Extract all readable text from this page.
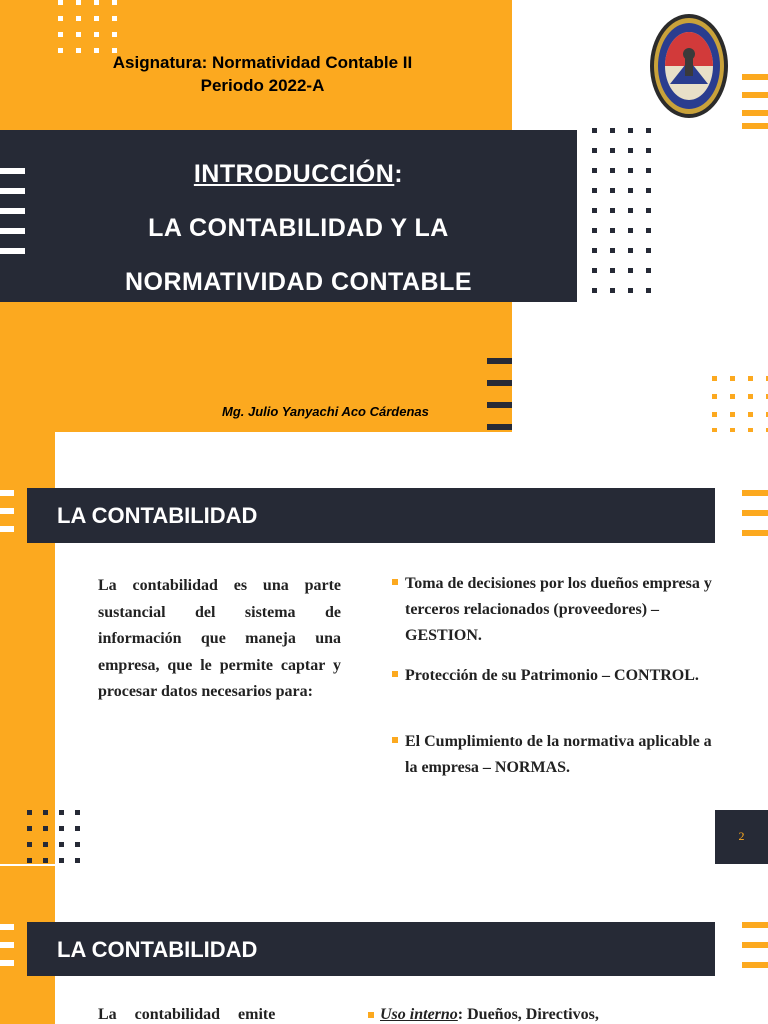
Asignatura: Normatividad Contable II
Periodo 2022-A
INTRODUCCIÓN:
LA CONTABILIDAD Y LA
NORMATIVIDAD CONTABLE
Mg. Julio Yanyachi Aco Cárdenas
LA CONTABILIDAD
La contabilidad es una parte sustancial del sistema de información que maneja una empresa, que le permite captar y procesar datos necesarios para:
Toma de decisiones por los dueños empresa y terceros relacionados (proveedores) – GESTION.
Protección de su Patrimonio – CONTROL.
El Cumplimiento de la normativa aplicable a la empresa – NORMAS.
2
LA CONTABILIDAD
La contabilidad emite	Uso interno: Dueños, Directivos,
